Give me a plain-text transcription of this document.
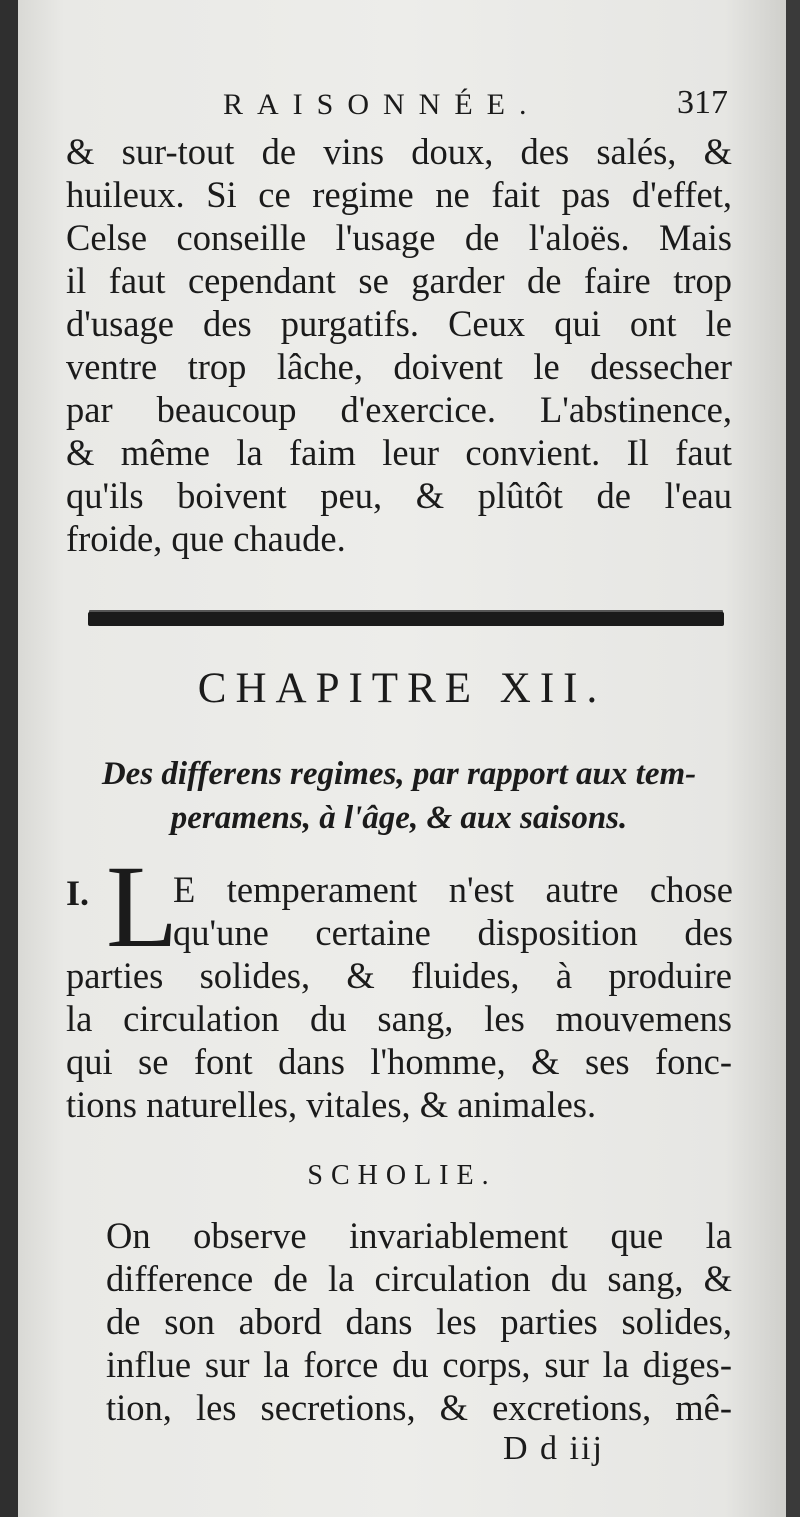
RAISONNÉE.	317
& sur-tout de vins doux, des salés, &
huileux. Si ce regime ne fait pas d'effet,
Celse conseille l'usage de l'aloës. Mais
il faut cependant se garder de faire trop
d'usage des purgatifs. Ceux qui ont le
ventre trop lâche, doivent le dessecher
par beaucoup d'exercice. L'abstinence,
& même la faim leur convient. Il faut
qu'ils boivent peu, & plûtôt de l'eau
froide, que chaude.
CHAPITRE XII.
Des differens regimes, par rapport aux tem-
peramens, à l'âge, & aux saisons.
I. L
E temperament n'est autre chose
qu'une certaine disposition des
parties solides, & fluides, à produire
la circulation du sang, les mouvemens
qui se font dans l'homme, & ses fonc-
tions naturelles, vitales, & animales.
SCHOLIE.
On observe invariablement que la
difference de la circulation du sang, &
de son abord dans les parties solides,
influe sur la force du corps, sur la diges-
tion, les secretions, & excretions, mê-
D d iij
